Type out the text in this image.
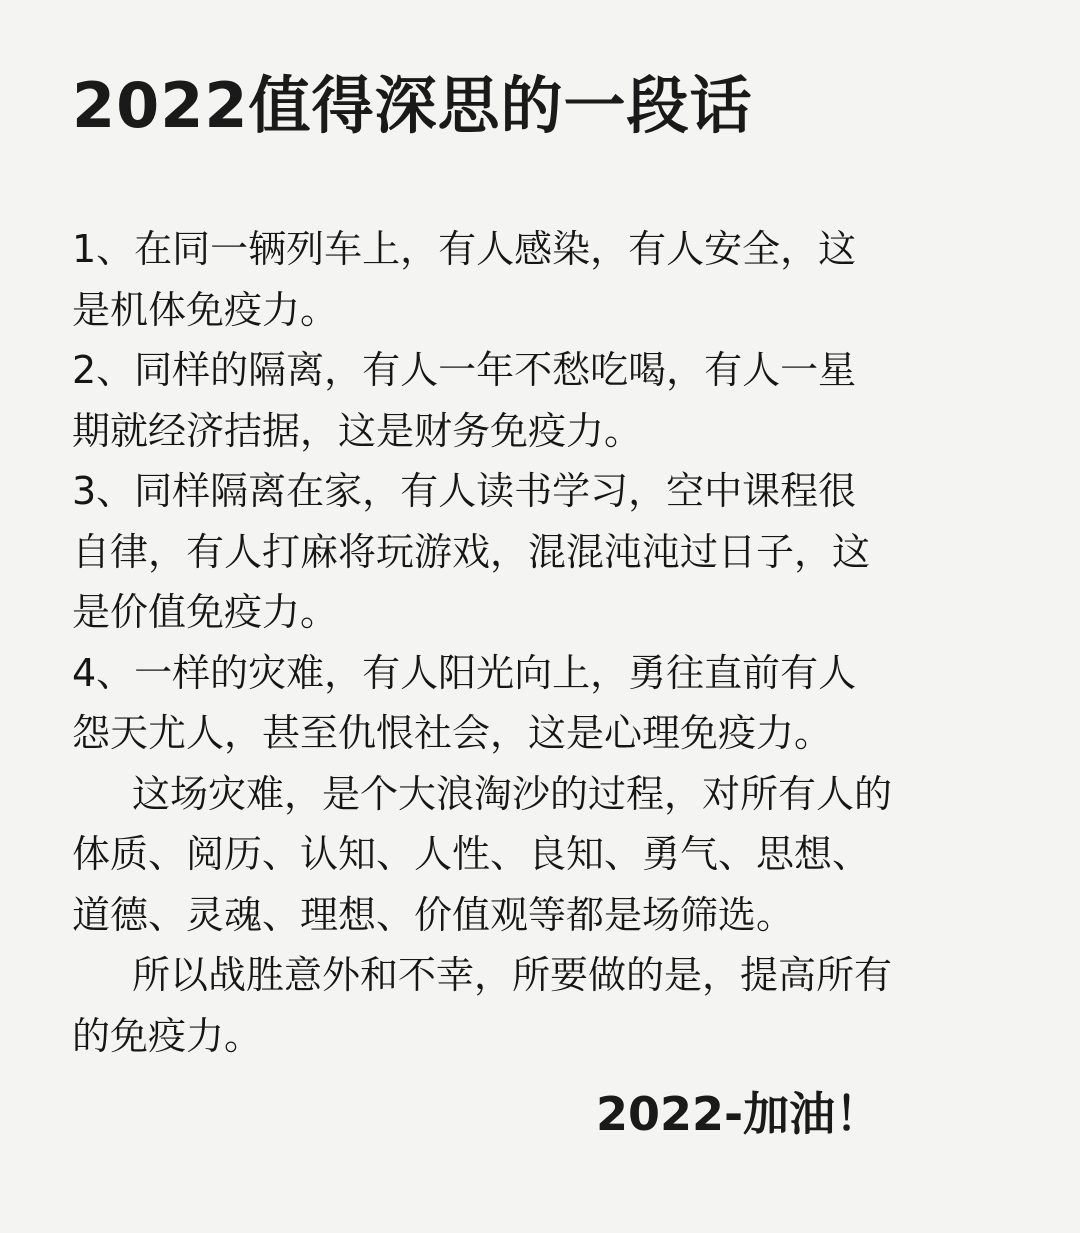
2022值得深思的一段话
1、在同一辆列车上，有人感染，有人安全，这
是机体免疫力。
2、同样的隔离，有人一年不愁吃喝，有人一星
期就经济拮据，这是财务免疫力。
3、同样隔离在家，有人读书学习，空中课程很
自律，有人打麻将玩游戏，混混沌沌过日子，这
是价值免疫力。
4、一样的灾难，有人阳光向上，勇往直前有人
怨天尤人，甚至仇恨社会，这是心理免疫力。
这场灾难，是个大浪淘沙的过程，对所有人的
体质、阅历、认知、人性、良知、勇气、思想、
道德、灵魂、理想、价值观等都是场筛选。
所以战胜意外和不幸，所要做的是，提高所有
的免疫力。
2022-加油！
